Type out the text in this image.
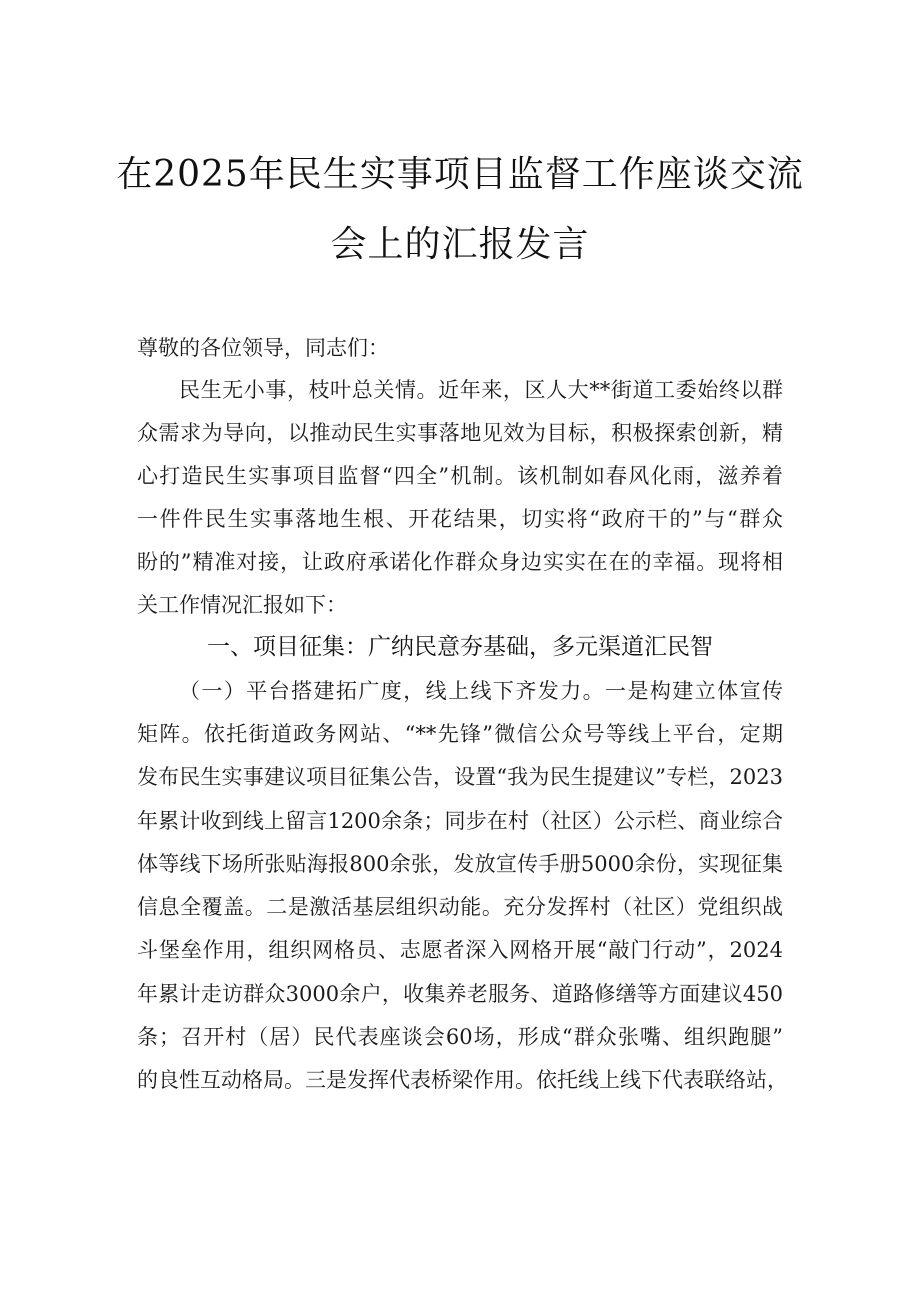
在2025年民生实事项目监督工作座谈交流
会上的汇报发言
尊敬的各位领导，同志们：
民生无小事，枝叶总关情。近年来，区人大**街道工委始终以群
众需求为导向，以推动民生实事落地见效为目标，积极探索创新，精
心打造民生实事项目监督“四全”机制。该机制如春风化雨，滋养着
一件件民生实事落地生根、开花结果，切实将“政府干的”与“群众
盼的”精准对接，让政府承诺化作群众身边实实在在的幸福。现将相
关工作情况汇报如下：
一、项目征集：广纳民意夯基础，多元渠道汇民智
（一）平台搭建拓广度，线上线下齐发力。一是构建立体宣传
矩阵。依托街道政务网站、“**先锋”微信公众号等线上平台，定期
发布民生实事建议项目征集公告，设置“我为民生提建议”专栏，2023
年累计收到线上留言1200余条；同步在村（社区）公示栏、商业综合
体等线下场所张贴海报800余张，发放宣传手册5000余份，实现征集
信息全覆盖。二是激活基层组织动能。充分发挥村（社区）党组织战
斗堡垒作用，组织网格员、志愿者深入网格开展“敲门行动”，2024
年累计走访群众3000余户，收集养老服务、道路修缮等方面建议450
条；召开村（居）民代表座谈会60场，形成“群众张嘴、组织跑腿”
的良性互动格局。三是发挥代表桥梁作用。依托线上线下代表联络站，
